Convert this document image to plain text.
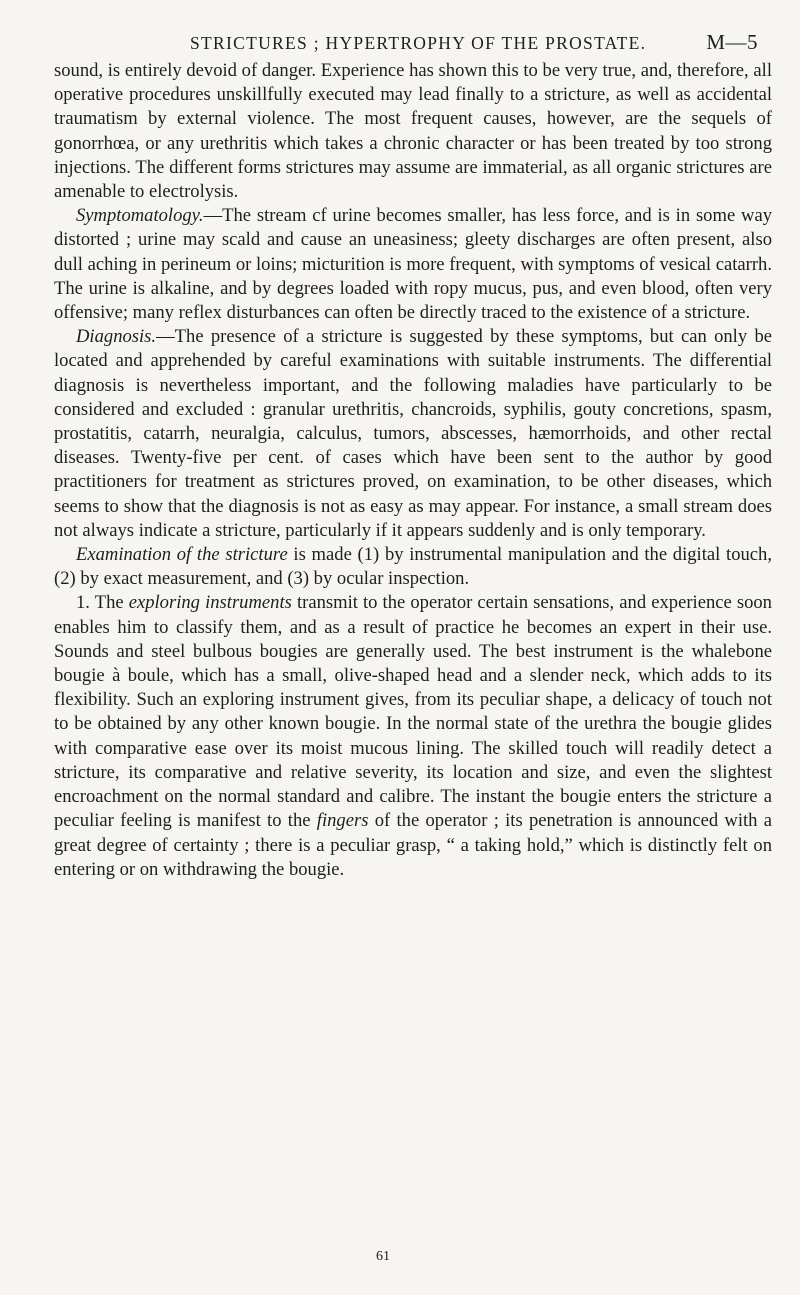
STRICTURES ; HYPERTROPHY OF THE PROSTATE.	M—5

sound, is entirely devoid of danger. Experience has shown this to be very true, and, therefore, all operative procedures unskillfully executed may lead finally to a stricture, as well as accidental traumatism by external violence. The most frequent causes, however, are the sequels of gonorrhœa, or any urethritis which takes a chronic character or has been treated by too strong injections. The different forms strictures may assume are immaterial, as all organic strictures are amenable to electrolysis.

Symptomatology.—The stream cf urine becomes smaller, has less force, and is in some way distorted ; urine may scald and cause an uneasiness; gleety discharges are often present, also dull aching in perineum or loins; micturition is more frequent, with symptoms of vesical catarrh. The urine is alkaline, and by degrees loaded with ropy mucus, pus, and even blood, often very offensive; many reflex disturbances can often be directly traced to the existence of a stricture.

Diagnosis.—The presence of a stricture is suggested by these symptoms, but can only be located and apprehended by careful examinations with suitable instruments. The differential diagnosis is nevertheless important, and the following maladies have particularly to be considered and excluded : granular urethritis, chancroids, syphilis, gouty concretions, spasm, prostatitis, catarrh, neuralgia, calculus, tumors, abscesses, hæmorrhoids, and other rectal diseases. Twenty-five per cent. of cases which have been sent to the author by good practitioners for treatment as strictures proved, on examination, to be other diseases, which seems to show that the diagnosis is not as easy as may appear. For instance, a small stream does not always indicate a stricture, particularly if it appears suddenly and is only temporary.

Examination of the stricture is made (1) by instrumental manipulation and the digital touch, (2) by exact measurement, and (3) by ocular inspection.

1. The exploring instruments transmit to the operator certain sensations, and experience soon enables him to classify them, and as a result of practice he becomes an expert in their use. Sounds and steel bulbous bougies are generally used. The best instrument is the whalebone bougie à boule, which has a small, olive-shaped head and a slender neck, which adds to its flexibility. Such an exploring instrument gives, from its peculiar shape, a delicacy of touch not to be obtained by any other known bougie. In the normal state of the urethra the bougie glides with comparative ease over its moist mucous lining. The skilled touch will readily detect a stricture, its comparative and relative severity, its location and size, and even the slightest encroachment on the normal standard and calibre. The instant the bougie enters the stricture a peculiar feeling is manifest to the fingers of the operator ; its penetration is announced with a great degree of certainty ; there is a peculiar grasp, “ a taking hold,” which is distinctly felt on entering or on withdrawing the bougie.

61
